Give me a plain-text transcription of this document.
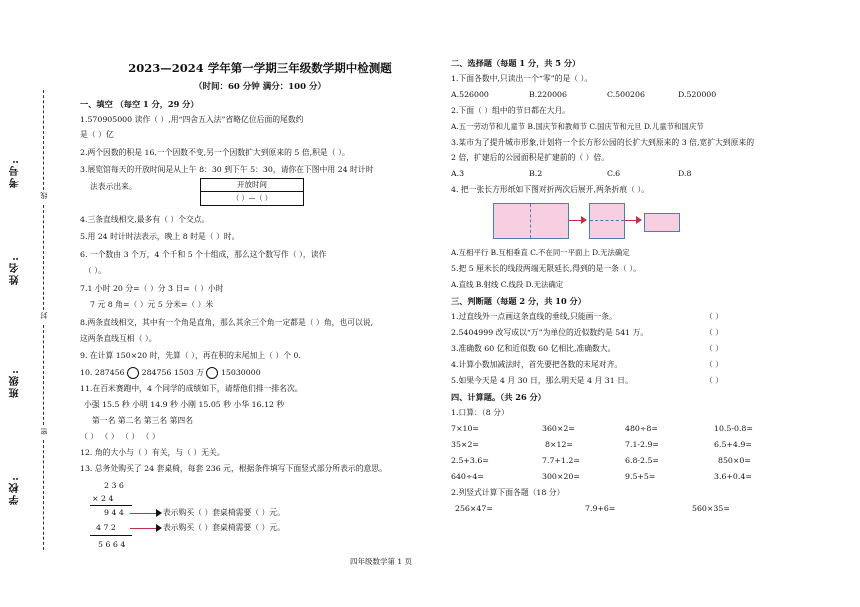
学校:
班级:
姓名:
考号:
线
封
密
2023—2024 学年第一学期三年级数学期中检测题
（时间：60 分钟 满分：100 分）
一、填空 （每空 1 分，29 分）
1.570905000 读作（ ）,用“四舍五入法”省略亿位后面的尾数约
是（ ）亿
2.两个因数的积是 16,一个因数不变,另一个因数扩大到原来的 5 倍,积是（ ）。
3.展览馆每天的开放时间是从上午 8：30 到下午 5：30，请你在下图中用 24 时计时
法表示出来。	开放时间
（ ）—（ ）
4.三条直线相交,最多有（ ）个交点。
5.用 24 时计时法表示，晚上 8 时是（ ）时。
6. 一个数由 3 个万，4 个千和 5 个十组成，那么这个数写作（ ），读作
（ ）。
7.1 小时 20 分=（ ）分 3 日=（ ）小时
7 元 8 角=（ ）元 5 分米=（ ）米
8.两条直线相交，其中有一个角是直角，那么其余三个角一定都是（ ）角，也可以说,
这两条直线互相（ ）。
9. 在计算 150×20 时，先算（ ），再在积的末尾加上（ ）个 0.
10. 287456 284756 1503 万 15030000
11.在百米赛跑中，4 个同学的成绩如下，请帮他们排一排名次。
小强 15.5 秒 小明 14.9 秒 小刚 15.05 秒 小华 16.12 秒
第一名 第二名 第三名 第四名
（ ） （ ） （ ） （ ）
12. 角的大小与（ ）有关，与（ ）无关。
13. 总务处购买了 24 套桌椅，每套 236 元，根据条件填写下面竖式部分所表示的意思。
2 3 6
× 2 4
9 4 4	表示购买（ ）套桌椅需要（ ）元。
4 7 2	表示购买（ ）套桌椅需要（ ）元。
5 6 6 4
二、选择题（每题 1 分，共 5 分）
1.下面各数中,只读出一个“零”的是（ ）。
A.526000	B.220006	C.500206	D.520000
2.下面（ ）组中的节日都在大月。
A.五一劳动节和儿童节 B.国庆节和教师节 C.国庆节和元旦 D.儿童节和国庆节
3.某市为了提升城市形象,计划将一个长方形公园的长扩大到原来的 3 倍,宽扩大到原来的
2 倍，扩建后的公园面积是扩建前的（ ）倍。
A.3	B.2	C.6	D.8
4. 把一张长方形纸如下图对折两次后展开,两条折痕（ ）。
A.互相平行 B.互相垂直 C.不在同一平面上 D.无法确定
5.把 5 厘米长的线段两端无限延长,得到的是一条（ ）。
A.直线 B.射线 C.线段 D.无法确定
三、判断题（每题 2 分，共 10 分）
1.过直线外一点画这条直线的垂线,只能画一条。	（ ）
2.5404999 改写成以“万”为单位的近似数约是 541 万。	（ ）
3.准确数 60 亿和近似数 60 亿相比,准确数大。	（ ）
4.计算小数加减法时，首先要把各数的末尾对齐。	（ ）
5.如果今天是 4 月 30 日，那么明天是 4 月 31 日。	（ ）
四、计算题。（共 26 分）
1.口算：（8 分）
7×10=	360×2=	480÷8=	10.5-0.8=
35×2=	8×12=	7.1-2.9=	6.5+4.9=
2.5+3.6=	7.7+1.2=	6.8-2.5=	850×0=
640÷4=	300×20=	9.5+5=	3.6+0.4=
2.列竖式计算下面各题（18 分）
256×47=	7.9+6=	560×35=
四年级数学第 1 页
